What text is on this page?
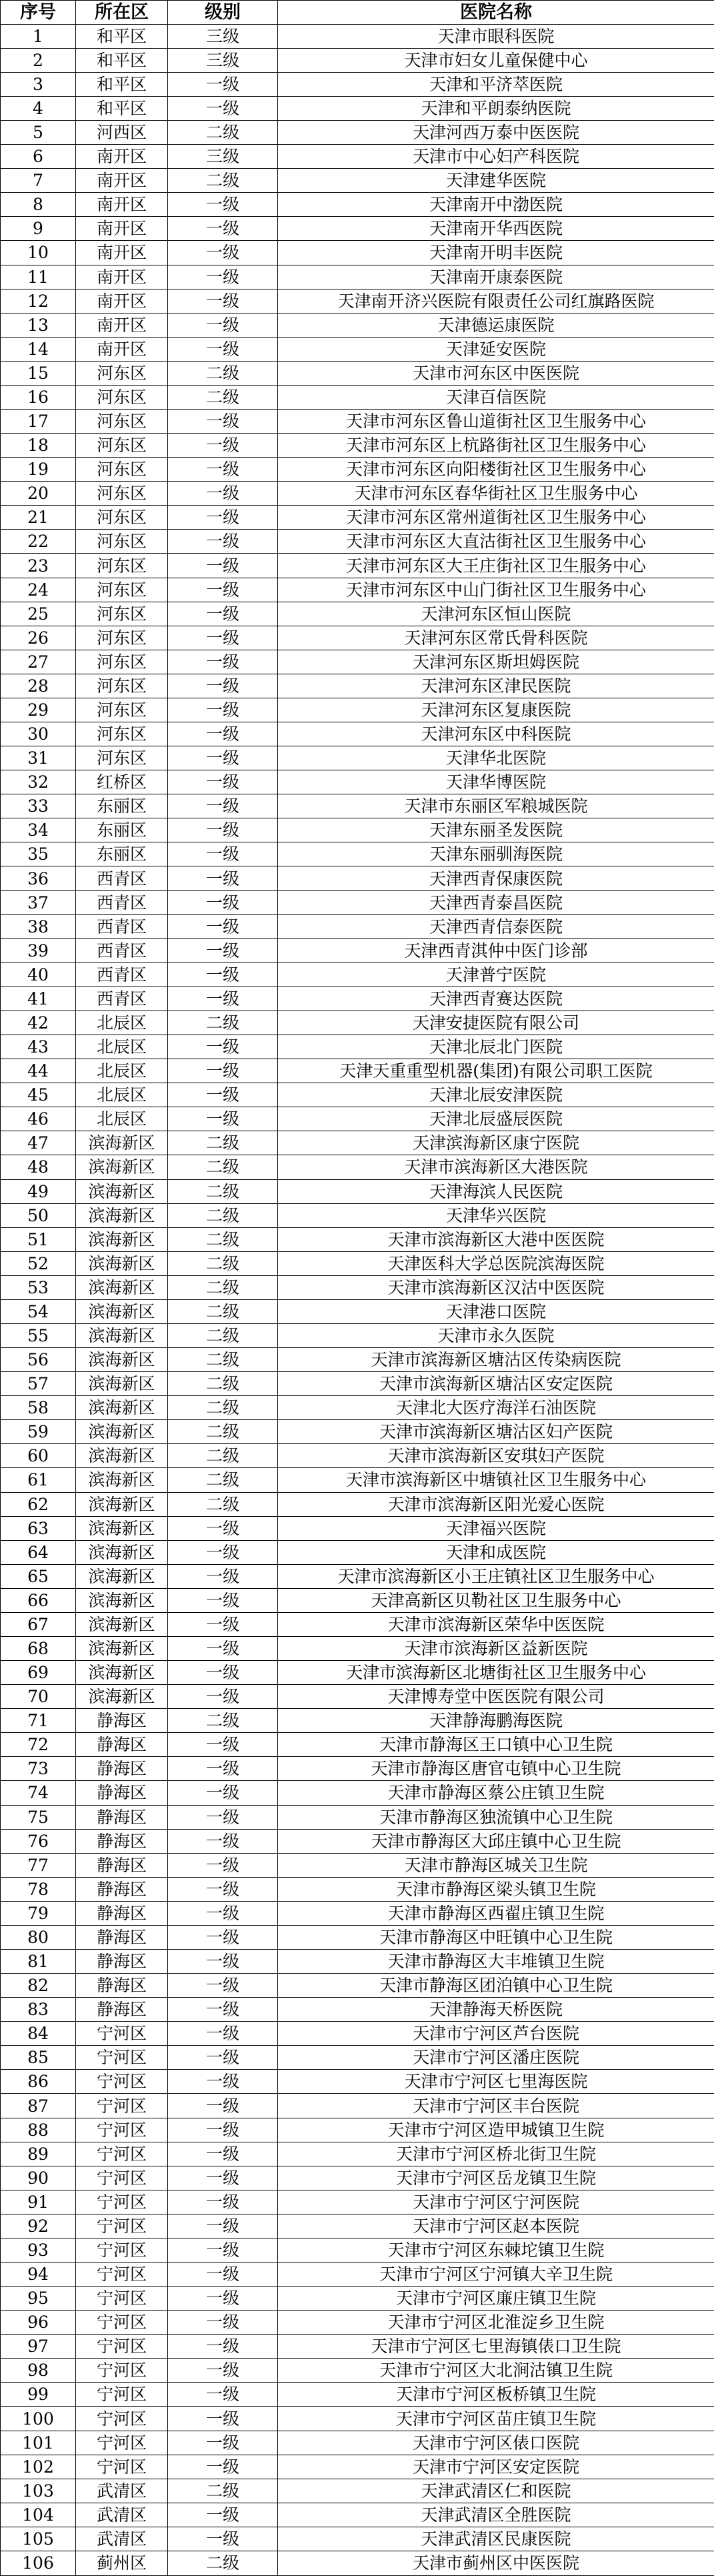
序号	所在区	级别	医院名称
1	和平区	三级	天津市眼科医院
2	和平区	三级	天津市妇女儿童保健中心
3	和平区	一级	天津和平济萃医院
4	和平区	一级	天津和平朗泰纳医院
5	河西区	二级	天津河西万泰中医医院
6	南开区	三级	天津市中心妇产科医院
7	南开区	二级	天津建华医院
8	南开区	一级	天津南开中渤医院
9	南开区	一级	天津南开华西医院
10	南开区	一级	天津南开明丰医院
11	南开区	一级	天津南开康泰医院
12	南开区	一级	天津南开济兴医院有限责任公司红旗路医院
13	南开区	一级	天津德运康医院
14	南开区	一级	天津延安医院
15	河东区	二级	天津市河东区中医医院
16	河东区	二级	天津百信医院
17	河东区	一级	天津市河东区鲁山道街社区卫生服务中心
18	河东区	一级	天津市河东区上杭路街社区卫生服务中心
19	河东区	一级	天津市河东区向阳楼街社区卫生服务中心
20	河东区	一级	天津市河东区春华街社区卫生服务中心
21	河东区	一级	天津市河东区常州道街社区卫生服务中心
22	河东区	一级	天津市河东区大直沽街社区卫生服务中心
23	河东区	一级	天津市河东区大王庄街社区卫生服务中心
24	河东区	一级	天津市河东区中山门街社区卫生服务中心
25	河东区	一级	天津河东区恒山医院
26	河东区	一级	天津河东区常氏骨科医院
27	河东区	一级	天津河东区斯坦姆医院
28	河东区	一级	天津河东区津民医院
29	河东区	一级	天津河东区复康医院
30	河东区	一级	天津河东区中科医院
31	河东区	一级	天津华北医院
32	红桥区	一级	天津华博医院
33	东丽区	一级	天津市东丽区军粮城医院
34	东丽区	一级	天津东丽圣发医院
35	东丽区	一级	天津东丽驯海医院
36	西青区	一级	天津西青保康医院
37	西青区	一级	天津西青泰昌医院
38	西青区	一级	天津西青信泰医院
39	西青区	一级	天津西青淇仲中医门诊部
40	西青区	一级	天津普宁医院
41	西青区	一级	天津西青赛达医院
42	北辰区	二级	天津安捷医院有限公司
43	北辰区	一级	天津北辰北门医院
44	北辰区	一级	天津天重重型机器(集团)有限公司职工医院
45	北辰区	一级	天津北辰安津医院
46	北辰区	一级	天津北辰盛辰医院
47	滨海新区	二级	天津滨海新区康宁医院
48	滨海新区	二级	天津市滨海新区大港医院
49	滨海新区	二级	天津海滨人民医院
50	滨海新区	二级	天津华兴医院
51	滨海新区	二级	天津市滨海新区大港中医医院
52	滨海新区	二级	天津医科大学总医院滨海医院
53	滨海新区	二级	天津市滨海新区汉沽中医医院
54	滨海新区	二级	天津港口医院
55	滨海新区	二级	天津市永久医院
56	滨海新区	二级	天津市滨海新区塘沽区传染病医院
57	滨海新区	二级	天津市滨海新区塘沽区安定医院
58	滨海新区	二级	天津北大医疗海洋石油医院
59	滨海新区	二级	天津市滨海新区塘沽区妇产医院
60	滨海新区	二级	天津市滨海新区安琪妇产医院
61	滨海新区	二级	天津市滨海新区中塘镇社区卫生服务中心
62	滨海新区	二级	天津市滨海新区阳光爱心医院
63	滨海新区	一级	天津福兴医院
64	滨海新区	一级	天津和成医院
65	滨海新区	一级	天津市滨海新区小王庄镇社区卫生服务中心
66	滨海新区	一级	天津高新区贝勒社区卫生服务中心
67	滨海新区	一级	天津市滨海新区荣华中医医院
68	滨海新区	一级	天津市滨海新区益新医院
69	滨海新区	一级	天津市滨海新区北塘街社区卫生服务中心
70	滨海新区	一级	天津博寿堂中医医院有限公司
71	静海区	二级	天津静海鹏海医院
72	静海区	一级	天津市静海区王口镇中心卫生院
73	静海区	一级	天津市静海区唐官屯镇中心卫生院
74	静海区	一级	天津市静海区蔡公庄镇卫生院
75	静海区	一级	天津市静海区独流镇中心卫生院
76	静海区	一级	天津市静海区大邱庄镇中心卫生院
77	静海区	一级	天津市静海区城关卫生院
78	静海区	一级	天津市静海区梁头镇卫生院
79	静海区	一级	天津市静海区西翟庄镇卫生院
80	静海区	一级	天津市静海区中旺镇中心卫生院
81	静海区	一级	天津市静海区大丰堆镇卫生院
82	静海区	一级	天津市静海区团泊镇中心卫生院
83	静海区	一级	天津静海天桥医院
84	宁河区	一级	天津市宁河区芦台医院
85	宁河区	一级	天津市宁河区潘庄医院
86	宁河区	一级	天津市宁河区七里海医院
87	宁河区	一级	天津市宁河区丰台医院
88	宁河区	一级	天津市宁河区造甲城镇卫生院
89	宁河区	一级	天津市宁河区桥北街卫生院
90	宁河区	一级	天津市宁河区岳龙镇卫生院
91	宁河区	一级	天津市宁河区宁河医院
92	宁河区	一级	天津市宁河区赵本医院
93	宁河区	一级	天津市宁河区东棘坨镇卫生院
94	宁河区	一级	天津市宁河区宁河镇大辛卫生院
95	宁河区	一级	天津市宁河区廉庄镇卫生院
96	宁河区	一级	天津市宁河区北淮淀乡卫生院
97	宁河区	一级	天津市宁河区七里海镇俵口卫生院
98	宁河区	一级	天津市宁河区大北涧沽镇卫生院
99	宁河区	一级	天津市宁河区板桥镇卫生院
100	宁河区	一级	天津市宁河区苗庄镇卫生院
101	宁河区	一级	天津市宁河区俵口医院
102	宁河区	一级	天津市宁河区安定医院
103	武清区	二级	天津武清区仁和医院
104	武清区	一级	天津武清区全胜医院
105	武清区	一级	天津武清区民康医院
106	蓟州区	二级	天津市蓟州区中医医院
